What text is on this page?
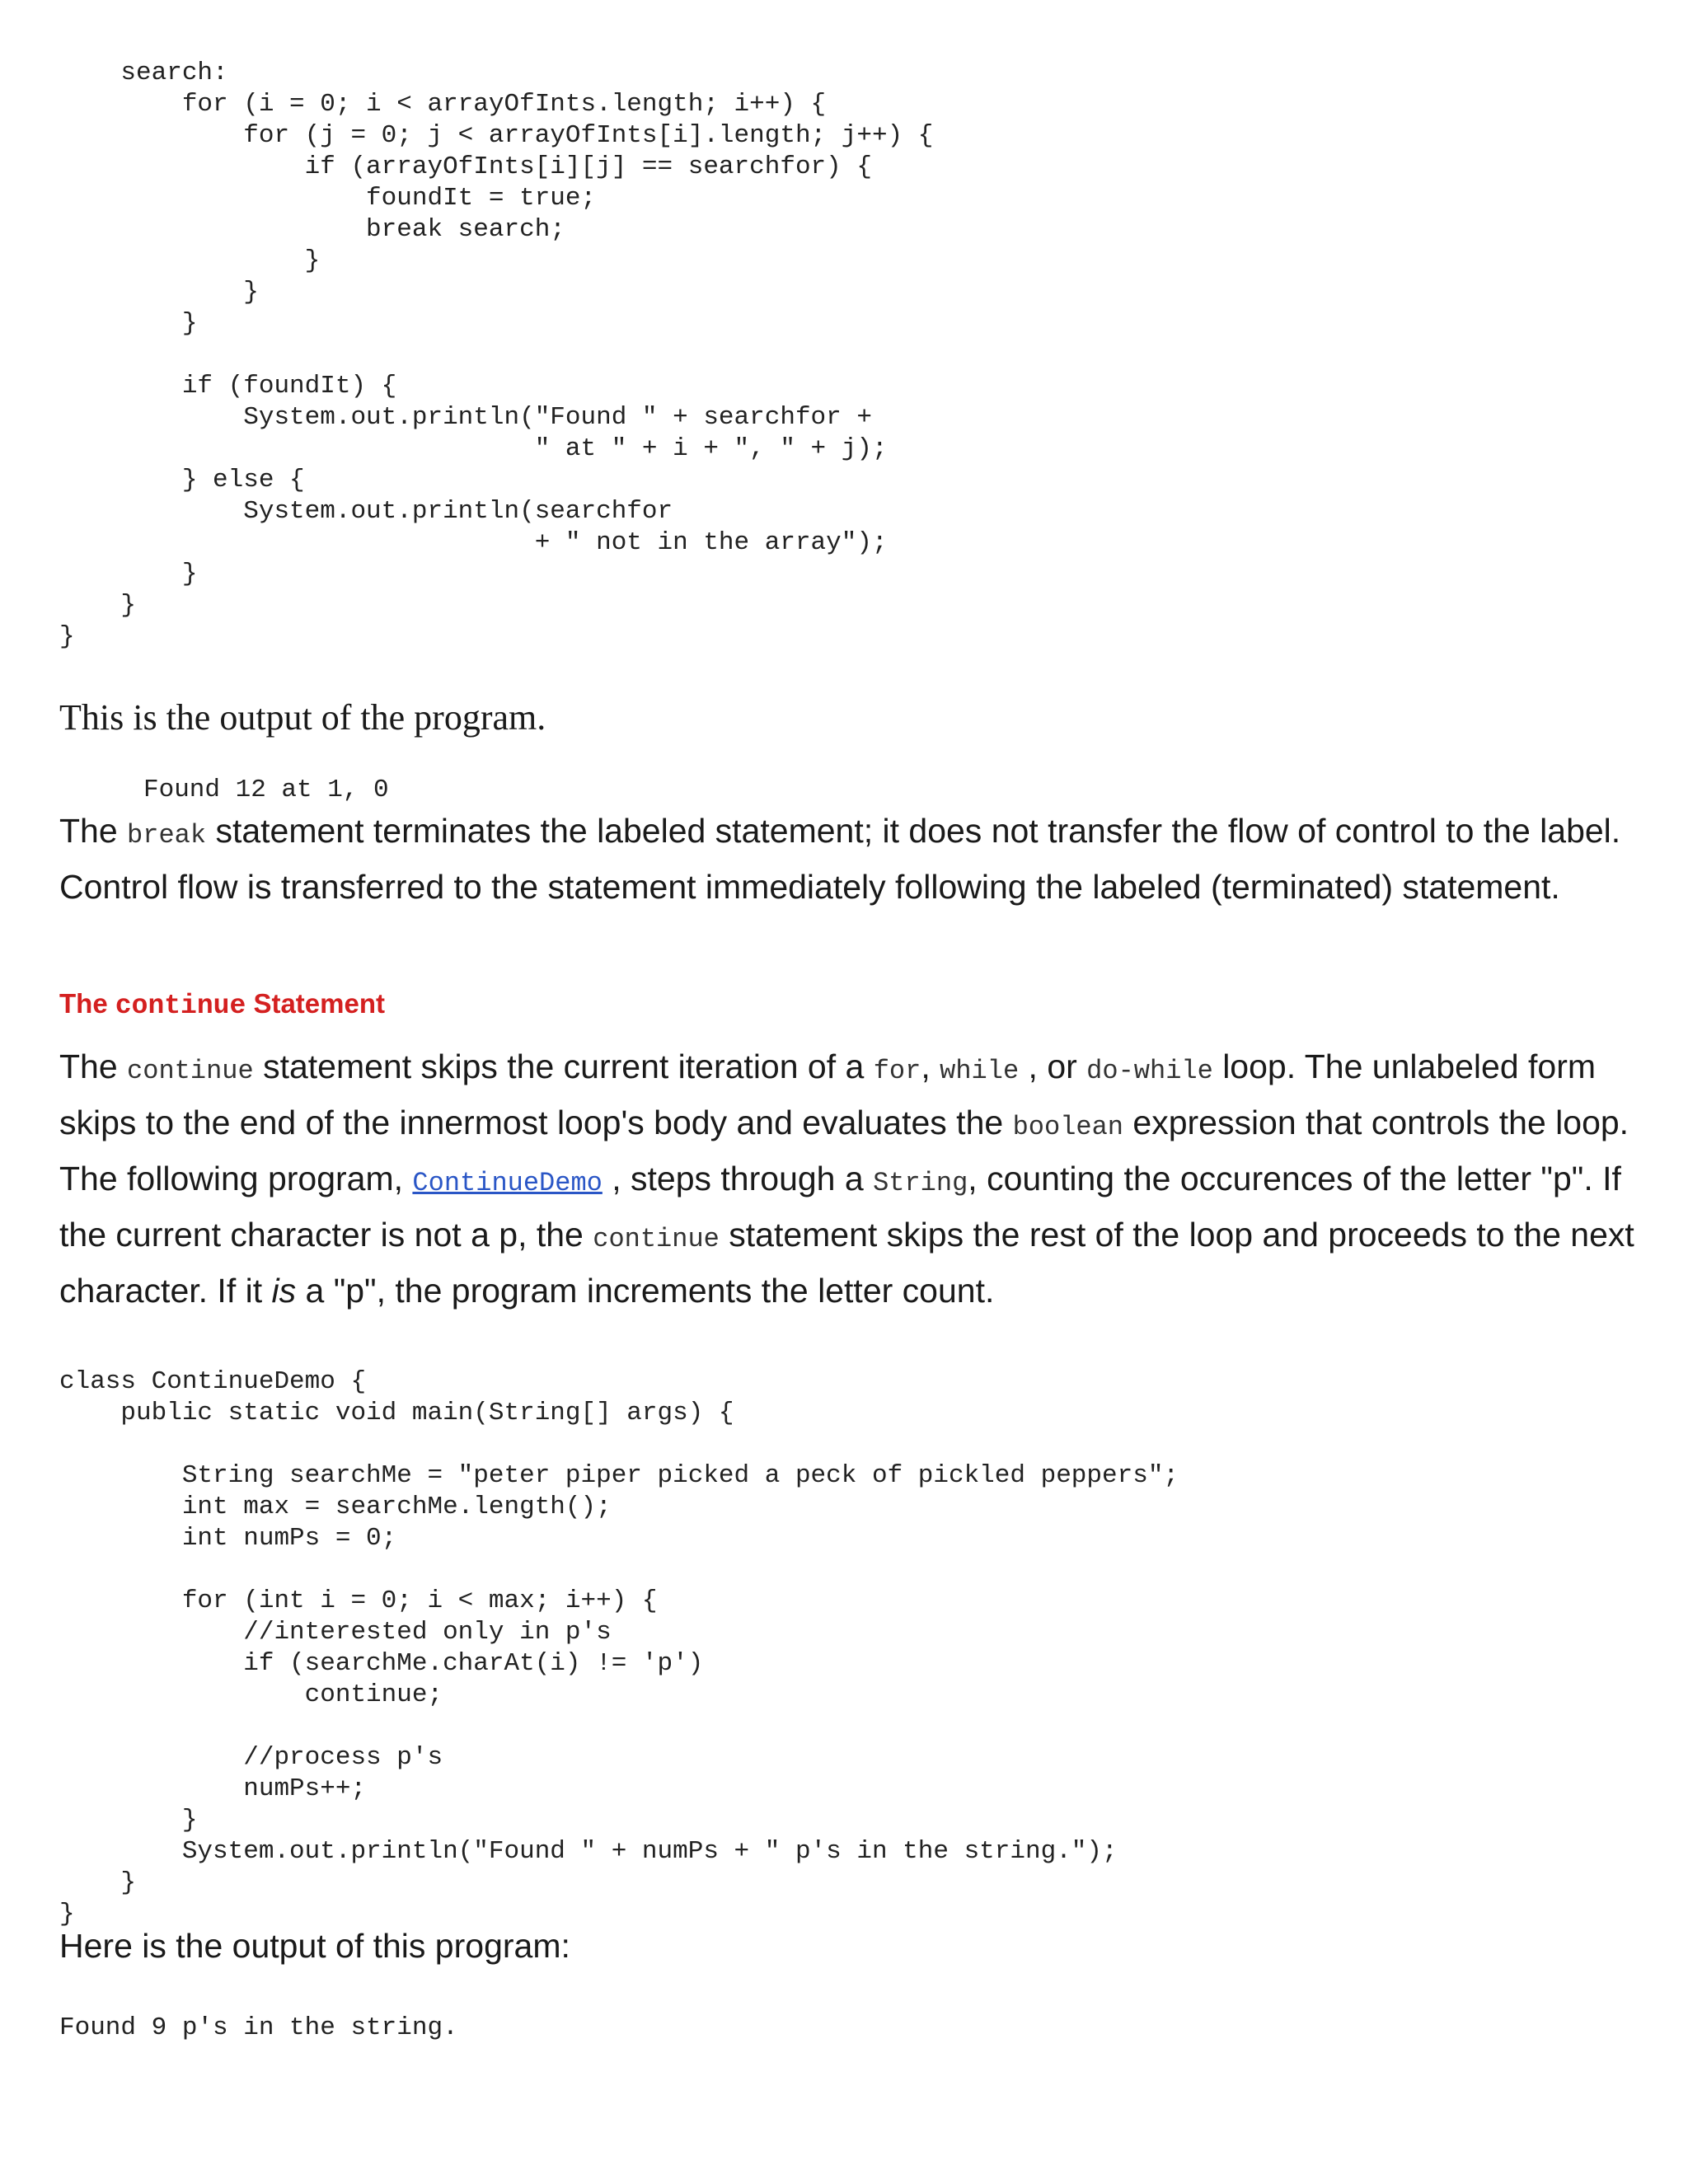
search:
for (i = 0; i < arrayOfInts.length; i++) {
for (j = 0; j < arrayOfInts[i].length; j++) {
if (arrayOfInts[i][j] == searchfor) {
foundIt = true;
break search;
}
}
}

if (foundIt) {
System.out.println("Found " + searchfor +
" at " + i + ", " + j);
} else {
System.out.println(searchfor
+ " not in the array");
}
}
}

This is the output of the program.

Found 12 at 1, 0

The break statement terminates the labeled statement; it does not transfer the flow of control to the label. Control flow is transferred to the statement immediately following the labeled (terminated) statement.

The continue Statement

The continue statement skips the current iteration of a for, while , or do-while loop. The unlabeled form skips to the end of the innermost loop's body and evaluates the boolean expression that controls the loop. The following program, ContinueDemo , steps through a String, counting the occurences of the letter "p". If the current character is not a p, the continue statement skips the rest of the loop and proceeds to the next character. If it is a "p", the program increments the letter count.

class ContinueDemo {
public static void main(String[] args) {
String searchMe = "peter piper picked a peck of pickled peppers";
int max = searchMe.length();
int numPs = 0;
for (int i = 0; i < max; i++) {
//interested only in p's
if (searchMe.charAt(i) != 'p')
continue;
//process p's
numPs++;
}
System.out.println("Found " + numPs + " p's in the string.");
}
}

Here is the output of this program:

Found 9 p's in the string.
